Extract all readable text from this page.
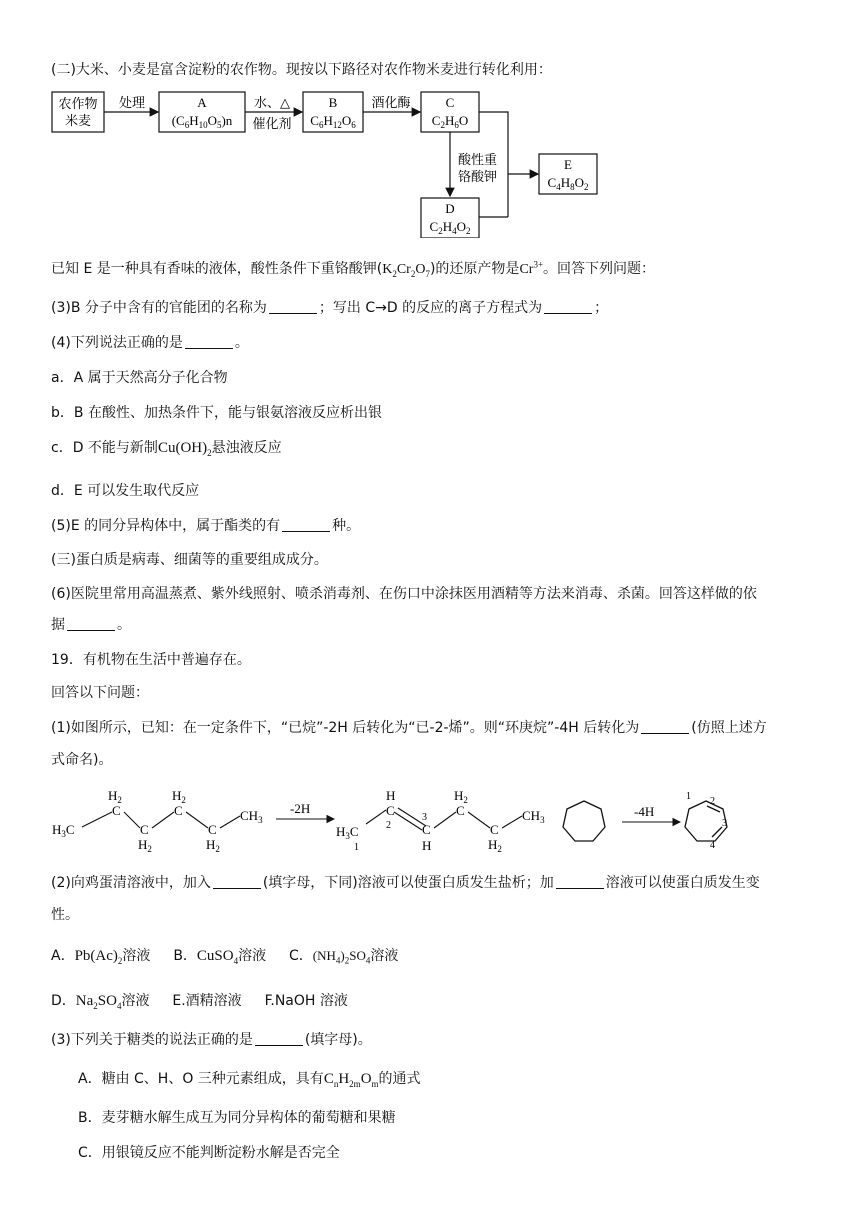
(二)大米、小麦是富含淀粉的农作物。现按以下路径对农作物米麦进行转化利用：
农作物
米麦
处理	A
$(C_6H_{10}O_5)n$
水、△
催化剂
B
$C_6H_{12}O_6$
酒化酶	C
$C_2H_6O$
酸性重
铬酸钾
D
$C_2H_4O_2$
E
$C_4H_8O_2$
已知 E 是一种具有香味的液体，酸性条件下重铬酸钾$(K_2Cr_2O_7)$的还原产物是$Cr^{3+}$。回答下列问题：
(3)B 分子中含有的官能团的名称为	；写出 C→D 的反应的离子方程式为	；
(4)下列说法正确的是	。
a．A 属于天然高分子化合物
b．B 在酸性、加热条件下，能与银氨溶液反应析出银
c．D 不能与新制$Cu(OH)_2$悬浊液反应
d．E 可以发生取代反应
(5)E 的同分异构体中，属于酯类的有	种。
(三)蛋白质是病毒、细菌等的重要组成成分。
(6)医院里常用高温蒸煮、紫外线照射、喷杀消毒剂、在伤口中涂抹医用酒精等方法来消毒、杀菌。回答这样做的依
据	。
19．有机物在生活中普遍存在。
回答以下问题：
(1)如图所示，已知：在一定条件下，“已烷”-2H 后转化为“已-2-烯”。则“环庚烷”-4H 后转化为	(仿照上述方
式命名)。
$H_3C$
C
$H_2$
C
$H_2$
C
$H_2$
C
$H_2$
$CH_3$
-2H
$H_3C$
1
C
H
2 C
3
H
C
$H_2$
C
$H_2$
$CH_3$
-4H
1 2
3
4
(2)向鸡蛋清溶液中，加入	(填字母，下同)溶液可以使蛋白质发生盐析；加	溶液可以使蛋白质发生变
性。
A．$Pb(Ac)_2$溶液 B．CuSO$_4$溶液 C．$(NH_4)_2SO_4$溶液
D．$Na_2SO_4$溶液 E.酒精溶液 F.NaOH 溶液
(3)下列关于糖类的说法正确的是	(填字母)。
A．糖由 C、H、O 三种元素组成，具有$C_nH_{2m}O_m$的通式
B．麦芽糖水解生成互为同分异构体的葡萄糖和果糖
C．用银镜反应不能判断淀粉水解是否完全
